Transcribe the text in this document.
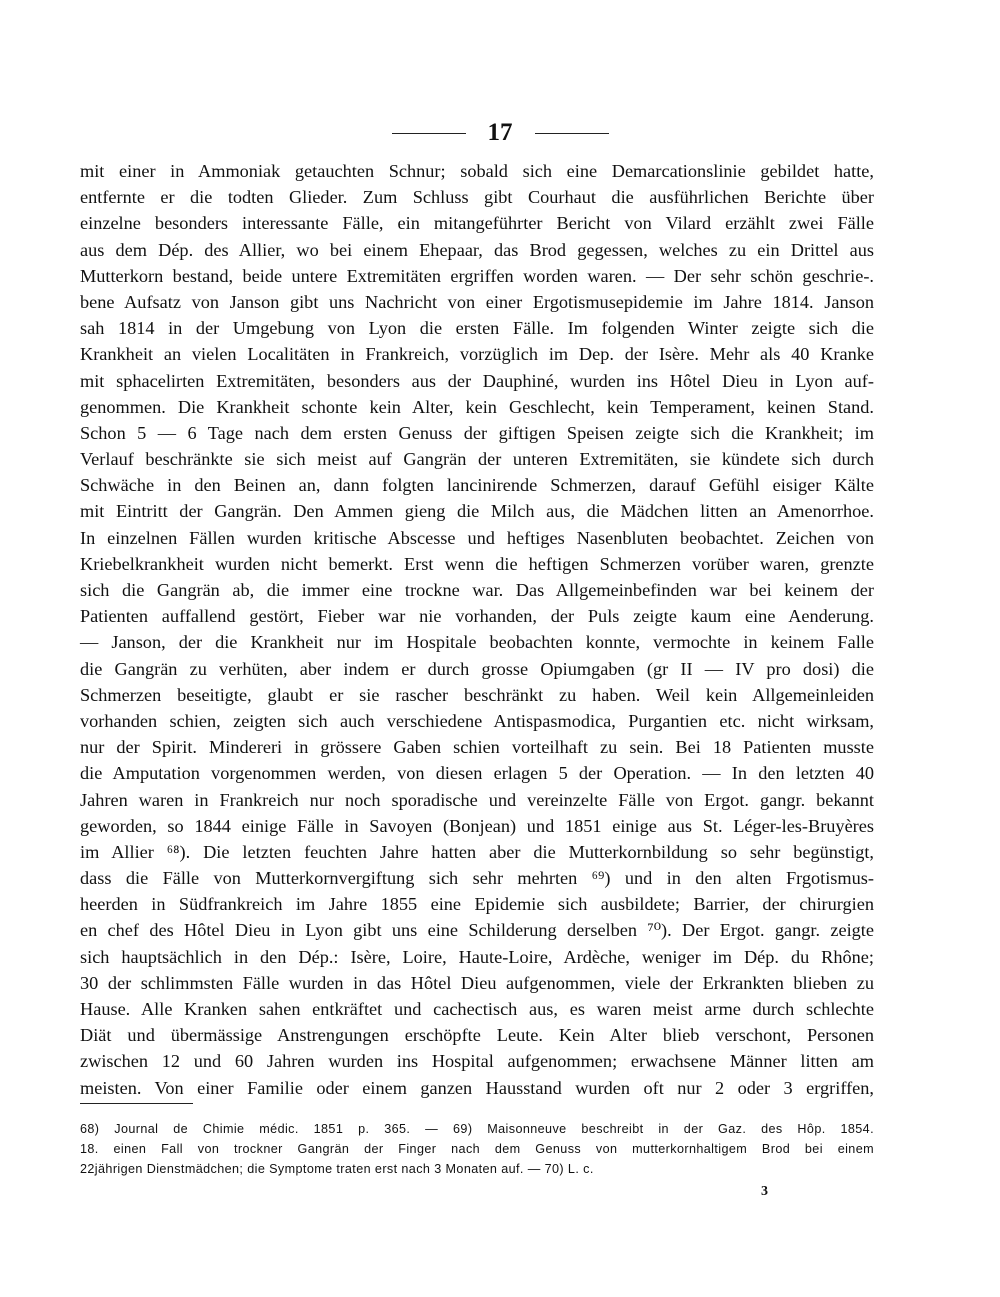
17
mit einer in Ammoniak getauchten Schnur; sobald sich eine Demarcationslinie gebildet hatte,
entfernte er die todten Glieder. Zum Schluss gibt Courhaut die ausführlichen Berichte über
einzelne besonders interessante Fälle, ein mitangeführter Bericht von Vilard erzählt zwei Fälle
aus dem Dép. des Allier, wo bei einem Ehepaar, das Brod gegessen, welches zu ein Drittel aus
Mutterkorn bestand, beide untere Extremitäten ergriffen worden waren. — Der sehr schön geschrie-.
bene Aufsatz von Janson gibt uns Nachricht von einer Ergotismusepidemie im Jahre 1814. Janson
sah 1814 in der Umgebung von Lyon die ersten Fälle. Im folgenden Winter zeigte sich die
Krankheit an vielen Localitäten in Frankreich, vorzüglich im Dep. der Isère. Mehr als 40 Kranke
mit sphacelirten Extremitäten, besonders aus der Dauphiné, wurden ins Hôtel Dieu in Lyon auf-
genommen. Die Krankheit schonte kein Alter, kein Geschlecht, kein Temperament, keinen Stand.
Schon 5 — 6 Tage nach dem ersten Genuss der giftigen Speisen zeigte sich die Krankheit; im
Verlauf beschränkte sie sich meist auf Gangrän der unteren Extremitäten, sie kündete sich durch
Schwäche in den Beinen an, dann folgten lancinirende Schmerzen, darauf Gefühl eisiger Kälte
mit Eintritt der Gangrän. Den Ammen gieng die Milch aus, die Mädchen litten an Amenorrhoe.
In einzelnen Fällen wurden kritische Abscesse und heftiges Nasenbluten beobachtet. Zeichen von
Kriebelkrankheit wurden nicht bemerkt. Erst wenn die heftigen Schmerzen vorüber waren, grenzte
sich die Gangrän ab, die immer eine trockne war. Das Allgemeinbefinden war bei keinem der
Patienten auffallend gestört, Fieber war nie vorhanden, der Puls zeigte kaum eine Aenderung.
— Janson, der die Krankheit nur im Hospitale beobachten konnte, vermochte in keinem Falle
die Gangrän zu verhüten, aber indem er durch grosse Opiumgaben (gr II — IV pro dosi) die
Schmerzen beseitigte, glaubt er sie rascher beschränkt zu haben. Weil kein Allgemeinleiden
vorhanden schien, zeigten sich auch verschiedene Antispasmodica, Purgantien etc. nicht wirksam,
nur der Spirit. Mindereri in grössere Gaben schien vorteilhaft zu sein. Bei 18 Patienten musste
die Amputation vorgenommen werden, von diesen erlagen 5 der Operation. — In den letzten 40
Jahren waren in Frankreich nur noch sporadische und vereinzelte Fälle von Ergot. gangr. bekannt
geworden, so 1844 einige Fälle in Savoyen (Bonjean) und 1851 einige aus St. Léger-les-Bruyères
im Allier ⁶⁸). Die letzten feuchten Jahre hatten aber die Mutterkornbildung so sehr begünstigt,
dass die Fälle von Mutterkornvergiftung sich sehr mehrten ⁶⁹) und in den alten Frgotismus-
heerden in Südfrankreich im Jahre 1855 eine Epidemie sich ausbildete; Barrier, der chirurgien
en chef des Hôtel Dieu in Lyon gibt uns eine Schilderung derselben ⁷⁰). Der Ergot. gangr. zeigte
sich hauptsächlich in den Dép.: Isère, Loire, Haute-Loire, Ardèche, weniger im Dép. du Rhône;
30 der schlimmsten Fälle wurden in das Hôtel Dieu aufgenommen, viele der Erkrankten blieben zu
Hause. Alle Kranken sahen entkräftet und cachectisch aus, es waren meist arme durch schlechte
Diät und übermässige Anstrengungen erschöpfte Leute. Kein Alter blieb verschont, Personen
zwischen 12 und 60 Jahren wurden ins Hospital aufgenommen; erwachsene Männer litten am
meisten. Von einer Familie oder einem ganzen Hausstand wurden oft nur 2 oder 3 ergriffen,
68) Journal de Chimie médic. 1851 p. 365. — 69) Maisonneuve beschreibt in der Gaz. des Hôp. 1854.
18. einen Fall von trockner Gangrän der Finger nach dem Genuss von mutterkornhaltigem Brod bei einem
22jährigen Dienstmädchen; die Symptome traten erst nach 3 Monaten auf. — 70) L. c.
3
